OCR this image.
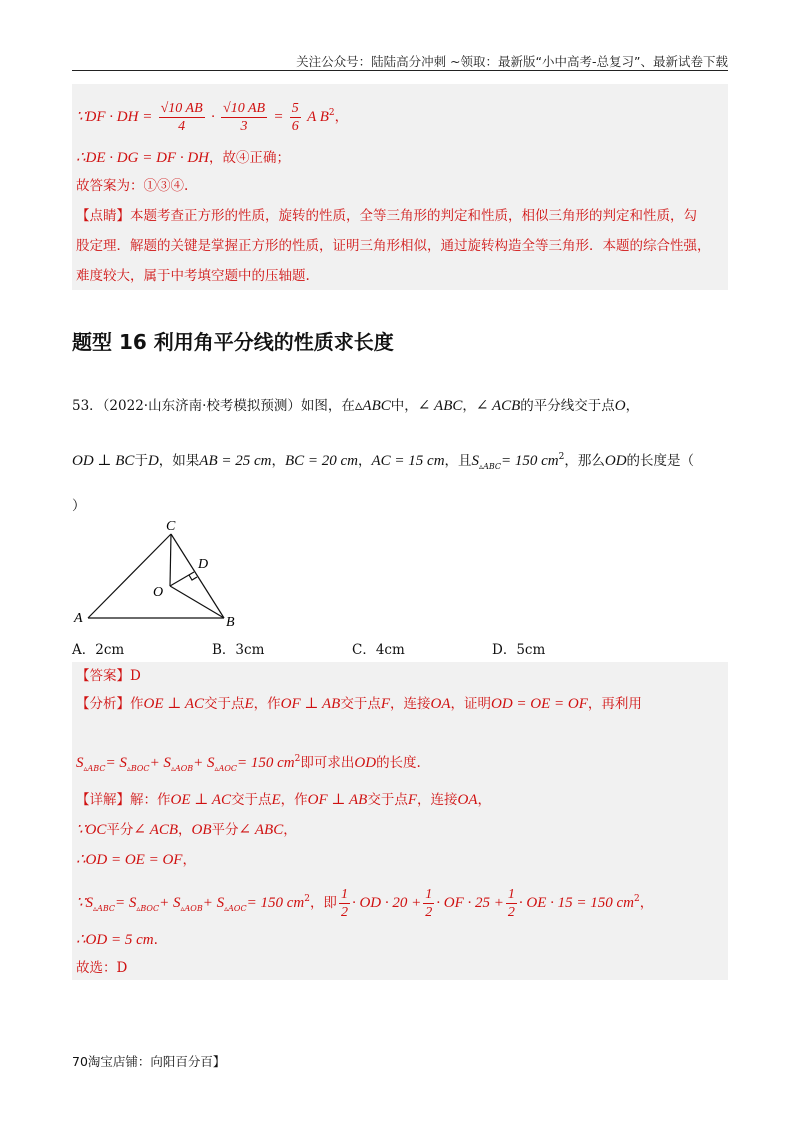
关注公众号：陆陆高分冲刺 ~领取：最新版“小中高考-总复习”、最新试卷下载
∵DF · DH = $\frac{√10 AB}{4} \cdot \frac{√10 AB}{3} = \frac{5}{6}$ A $B^2$，
∴DE · DG = DF · DH，故④正确；
故答案为：①③④.
【点睛】本题考查正方形的性质，旋转的性质，全等三角形的判定和性质，相似三角形的判定和性质，勾
股定理．解题的关键是掌握正方形的性质，证明三角形相似，通过旋转构造全等三角形．本题的综合性强，
难度较大，属于中考填空题中的压轴题.
题型 16 利用角平分线的性质求长度
53．（2022·山东济南·校考模拟预测）如图，在▵ABC中，∠ ABC，∠ ACB的平分线交于点O，
OD ⊥ BC于D，如果AB = 25 cm，BC = 20 cm，AC = 15 cm，且$S_{▵ABC}= 150$ $cm^2$，那么OD的长度是（
）
C
D
O
A	B
A．2cm	B．3cm	C．4cm	D．5cm
【答案】D
【分析】作OE ⊥ AC交于点E，作OF ⊥ AB交于点F，连接OA，证明OD = OE = OF，再利用
$S_{▵ABC}= S_{▵BOC}+ S_{▵AOB}+ S_{▵AOC}= 150$ $cm^2$即可求出OD的长度.
【详解】解：作OE ⊥ AC交于点E，作OF ⊥ AB交于点F，连接OA，
∵OC平分∠ ACB，OB平分∠ ABC，
∴OD = OE = OF，
$\because S_{▵ABC}= S_{▵BOC}+ S_{▵AOB}+ S_{▵AOC}= 150$ $cm^2$，即 $\frac{1}{2}$ · OD · $20 + \frac{1}{2}$ · OF · $25 + \frac{1}{2}$ · OE · 15 = 150 $cm^2$，
∴OD = 5 cm.
故选：D
70淘宝店铺：向阳百分百】
